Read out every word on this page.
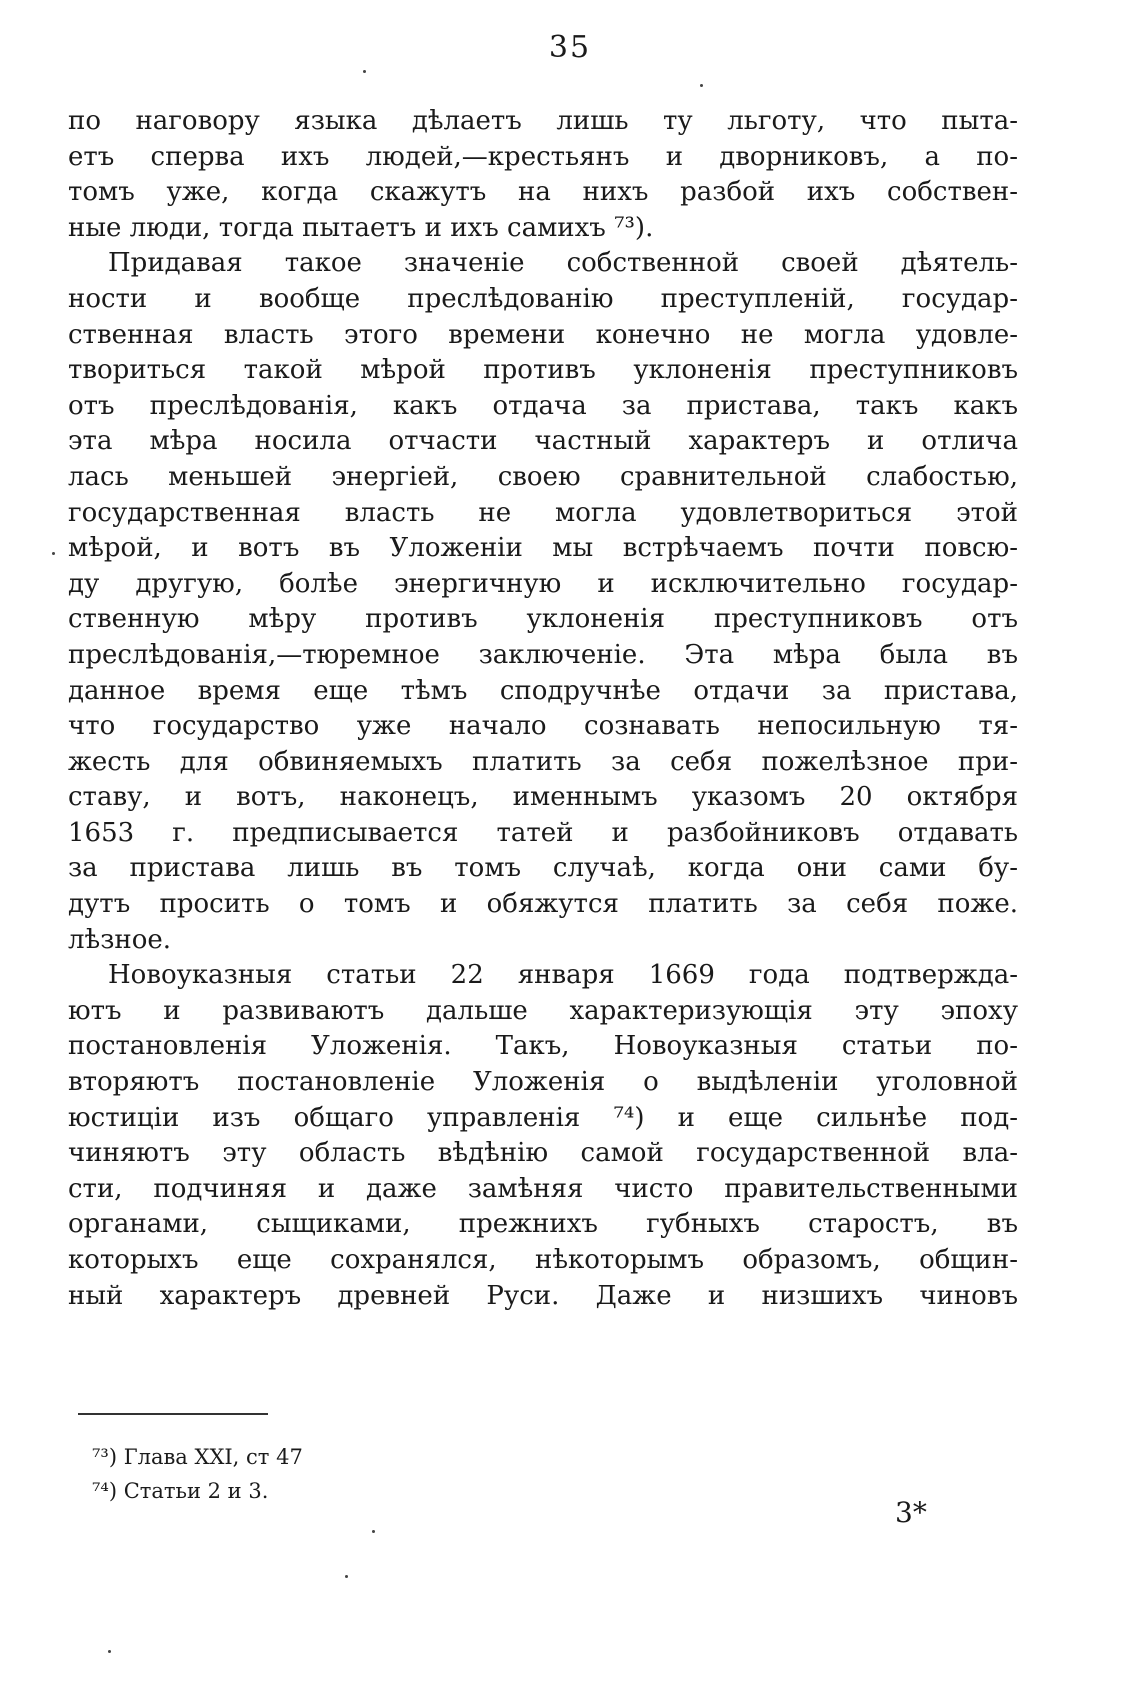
35
по наговору языка дѣлаетъ лишь ту льготу, что пыта-
етъ сперва ихъ людей,—крестьянъ и дворниковъ, а по-
томъ уже, когда скажутъ на нихъ разбой ихъ собствен-
ные люди, тогда пытаетъ и ихъ самихъ ⁷³).
Придавая такое значеніе собственной своей дѣятель-
ности и вообще преслѣдованію преступленій, государ-
ственная власть этого времени конечно не могла удовле-
твориться такой мѣрой противъ уклоненія преступниковъ
отъ преслѣдованія, какъ отдача за пристава, такъ какъ
эта мѣра носила отчасти частный характеръ и отлича
лась меньшей энергіей, своею сравнительной слабостью,
государственная власть не могла удовлетвориться этой
мѣрой, и вотъ въ Уложеніи мы встрѣчаемъ почти повсю-
ду другую, болѣе энергичную и исключительно государ-
ственную мѣру противъ уклоненія преступниковъ отъ
преслѣдованія,—тюремное заключеніе. Эта мѣра была въ
данное время еще тѣмъ сподручнѣе отдачи за пристава,
что государство уже начало сознавать непосильную тя-
жесть для обвиняемыхъ платить за себя пожелѣзное при-
ставу, и вотъ, наконецъ, именнымъ указомъ 20 октября
1653 г. предписывается татей и разбойниковъ отдавать
за пристава лишь въ томъ случаѣ, когда они сами бу-
дутъ просить о томъ и обяжутся платить за себя поже.
лѣзное.
Новоуказныя статьи 22 января 1669 года подтвержда-
ютъ и развиваютъ дальше характеризующія эту эпоху
постановленія Уложенія. Такъ, Новоуказныя статьи по-
вторяютъ постановленіе Уложенія о выдѣленіи уголовной
юстиціи изъ общаго управленія ⁷⁴) и еще сильнѣе под-
чиняютъ эту область вѣдѣнію самой государственной вла-
сти, подчиняя и даже замѣняя чисто правительственными
органами, сыщиками, прежнихъ губныхъ старостъ, въ
которыхъ еще сохранялся, нѣкоторымъ образомъ, общин-
ный характеръ древней Руси. Даже и низшихъ чиновъ
⁷³) Глава XXI, ст 47
⁷⁴) Статьи 2 и 3.
3*
